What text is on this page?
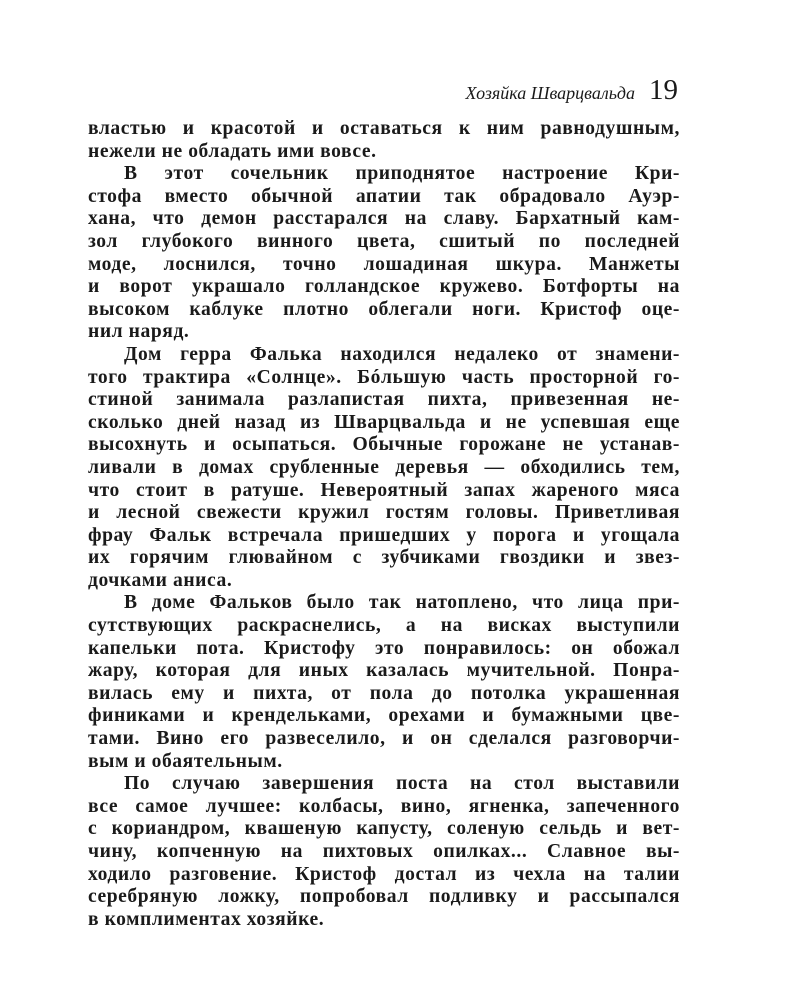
Хозяйка Шварцвальда 19
властью и красотой и оставаться к ним равнодушным,
нежели не обладать ими вовсе.
В этот сочельник приподнятое настроение Кри-
стофа вместо обычной апатии так обрадовало Ауэр-
хана, что демон расстарался на славу. Бархатный кам-
зол глубокого винного цвета, сшитый по последней
моде, лоснился, точно лошадиная шкура. Манжеты
и ворот украшало голландское кружево. Ботфорты на
высоком каблуке плотно облегали ноги. Кристоф оце-
нил наряд.
Дом герра Фалька находился недалеко от знамени-
того трактира «Солнце». Бóльшую часть просторной го-
стиной занимала разлапистая пихта, привезенная не-
сколько дней назад из Шварцвальда и не успевшая еще
высохнуть и осыпаться. Обычные горожане не устанав-
ливали в домах срубленные деревья — обходились тем,
что стоит в ратуше. Невероятный запах жареного мяса
и лесной свежести кружил гостям головы. Приветливая
фрау Фальк встречала пришедших у порога и угощала
их горячим глювайном с зубчиками гвоздики и звез-
дочками аниса.
В доме Фальков было так натоплено, что лица при-
сутствующих раскраснелись, а на висках выступили
капельки пота. Кристофу это понравилось: он обожал
жару, которая для иных казалась мучительной. Понра-
вилась ему и пихта, от пола до потолка украшенная
финиками и крендельками, орехами и бумажными цве-
тами. Вино его развеселило, и он сделался разговорчи-
вым и обаятельным.
По случаю завершения поста на стол выставили
все самое лучшее: колбасы, вино, ягненка, запеченного
с кориандром, квашеную капусту, соленую сельдь и вет-
чину, копченную на пихтовых опилках... Славное вы-
ходило разговение. Кристоф достал из чехла на талии
серебряную ложку, попробовал подливку и рассыпался
в комплиментах хозяйке.
